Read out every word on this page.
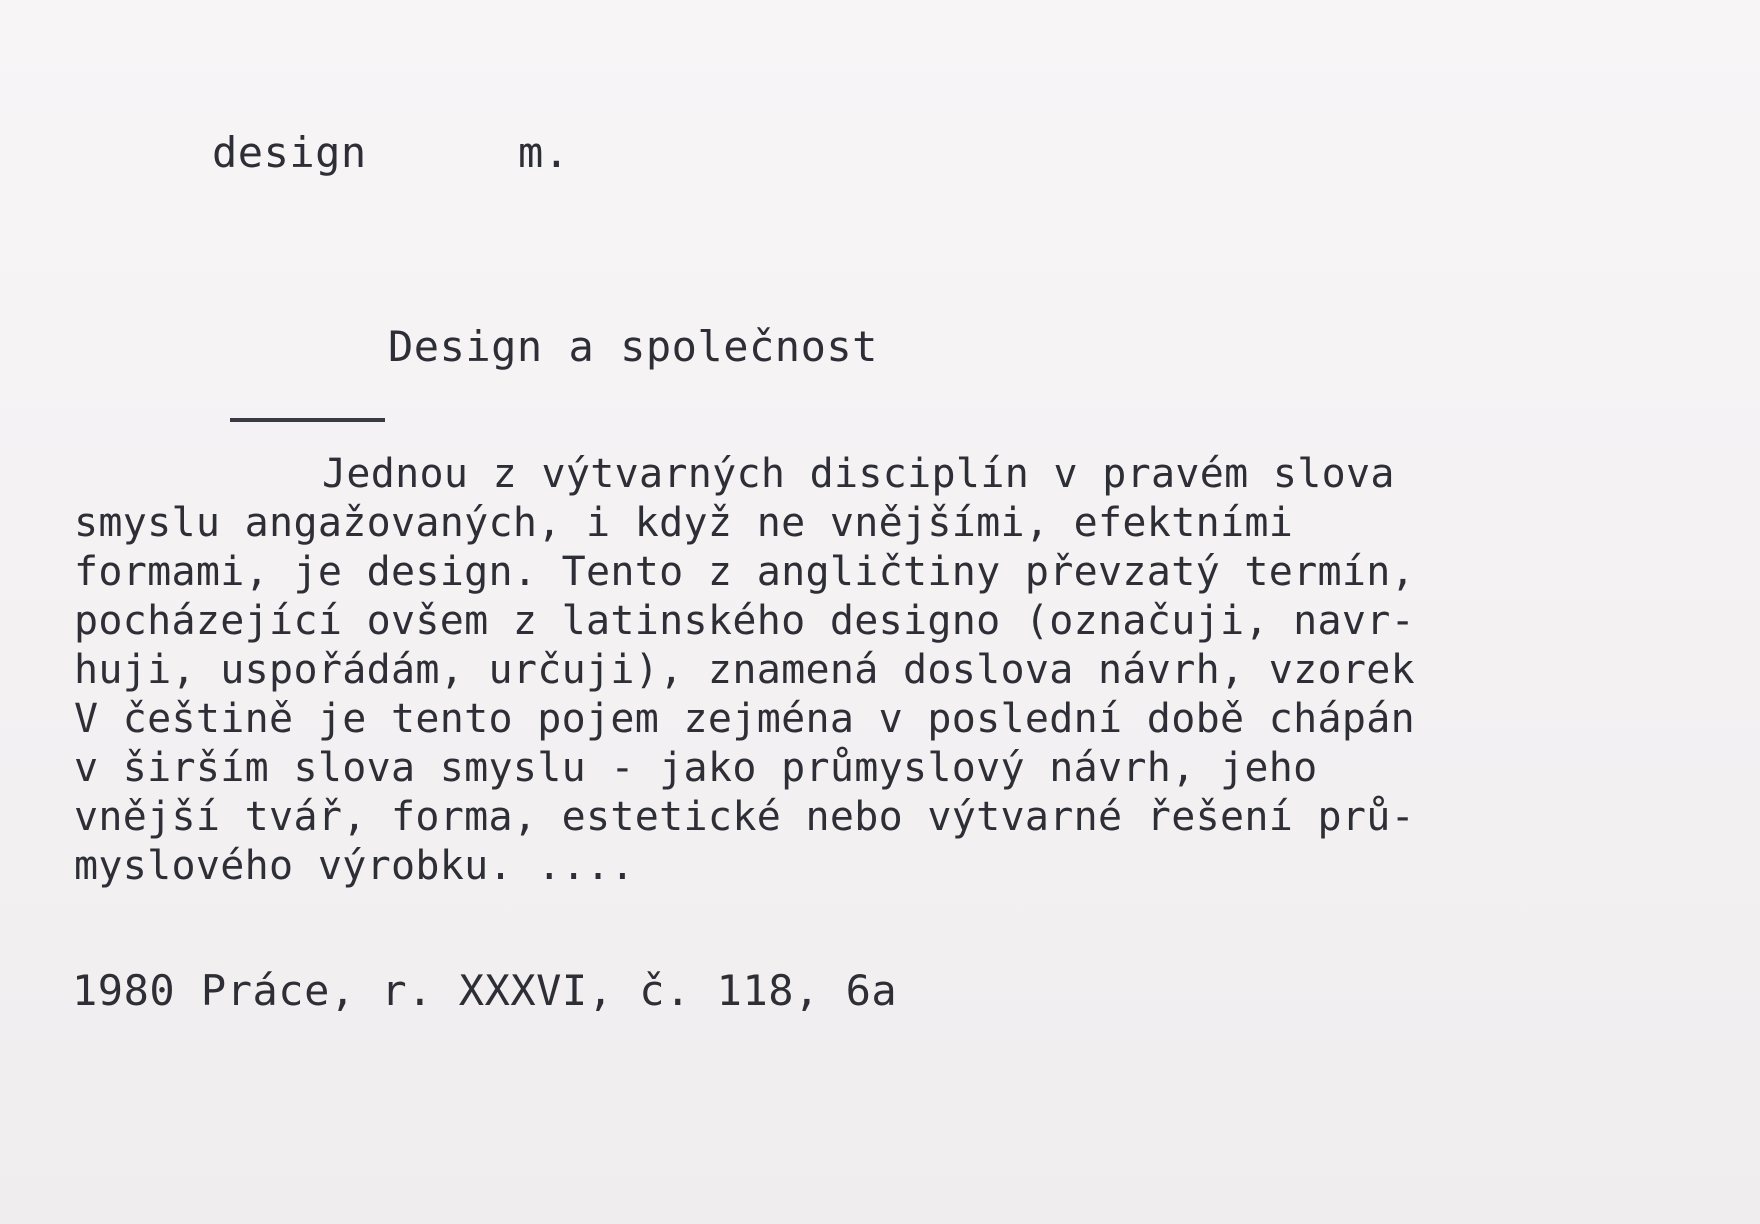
design	m.

Design a společnost

Jednou z výtvarných disciplín v pravém slova
smyslu angažovaných, i když ne vnějšími, efektními
formami, je design. Tento z angličtiny převzatý termín,
pocházející ovšem z latinského designo (označuji, navr-
huji, uspořádám, určuji), znamená doslova návrh, vzorek
V češtině je tento pojem zejména v poslední době chápán
v širším slova smyslu - jako průmyslový návrh, jeho
vnější tvář, forma, estetické nebo výtvarné řešení prů-
myslového výrobku. ....

1980 Práce, r. XXXVI, č. 118, 6a
